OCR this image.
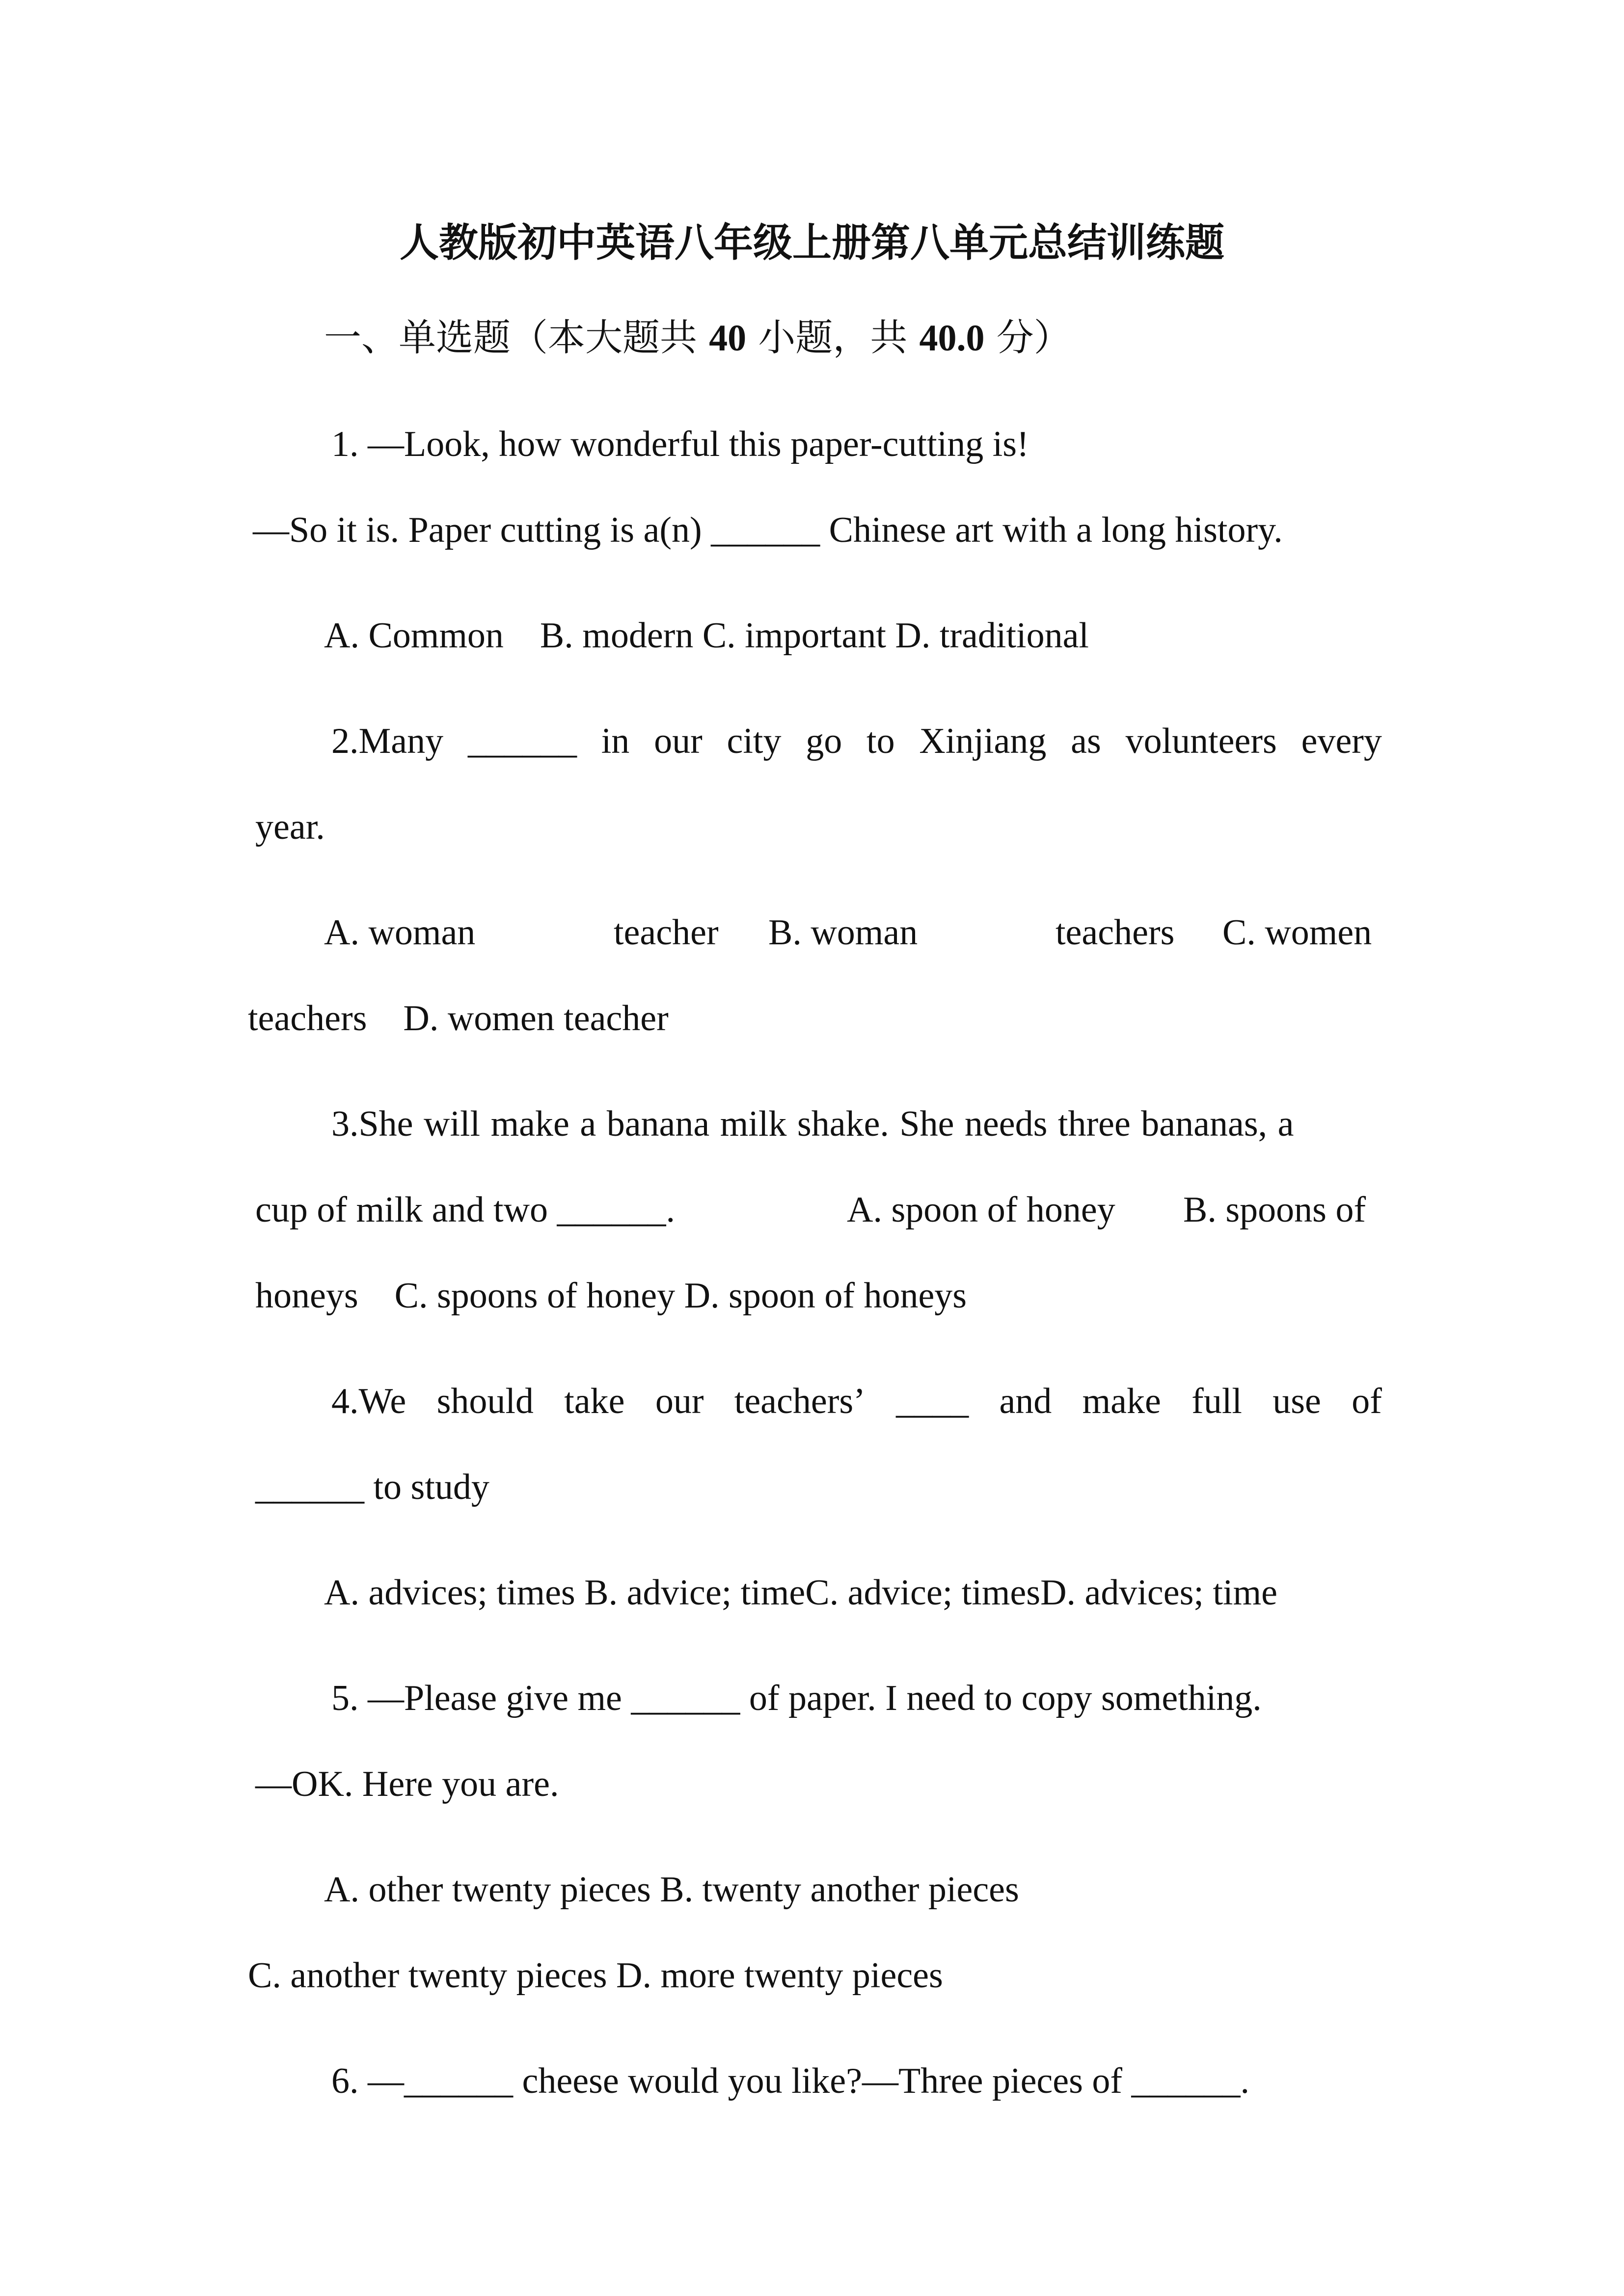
人教版初中英语八年级上册第八单元总结训练题
一、单选题（本大题共 40 小题，共 40.0 分）
1. —Look, how wonderful this paper-cutting is!
—So it is. Paper cutting is a(n) ______ Chinese art with a long history.
A. Common    B. modern C. important D. traditional
2.Many ______ in our city go to Xinjiang as volunteers every
year.
A. woman	teacher B. woman	teachers C. women
teachers    D. women teacher
3.She will make a banana milk shake. She needs three bananas, a
cup of milk and two ______.	A. spoon of honey B. spoons of
honeys    C. spoons of honey D. spoon of honeys
4.We should take our teachers’ ____ and make full use of
______ to study
A. advices; times B. advice; timeC. advice; timesD. advices; time
5. —Please give me ______ of paper. I need to copy something.
—OK. Here you are.
A. other twenty pieces B. twenty another pieces
C. another twenty pieces D. more twenty pieces
6. —______ cheese would you like?—Three pieces of ______.
